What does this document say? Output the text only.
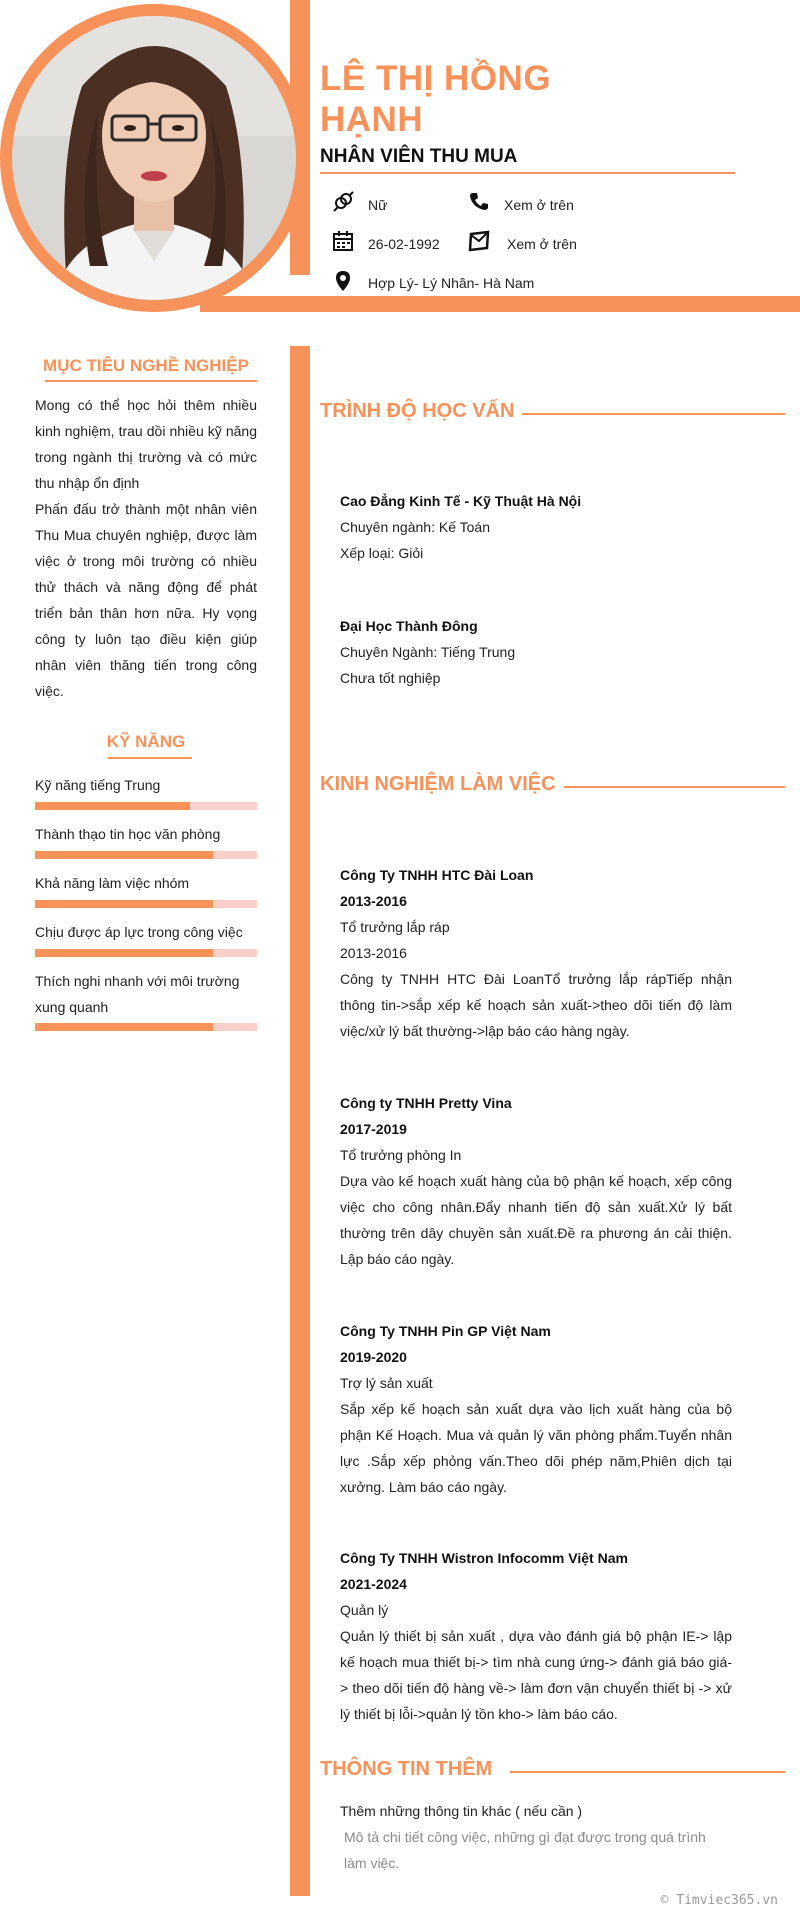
LÊ THỊ HỒNG
HẠNH
NHÂN VIÊN THU MUA
Nữ	Xem ở trên
26-02-1992	Xem ở trên
Hợp Lý- Lý Nhân- Hà Nam
MỤC TIÊU NGHỀ NGHIỆP
Mong có thể học hỏi thêm nhiều kinh nghiệm, trau dồi nhiều kỹ năng trong ngành thị trường và có mức thu nhập ổn định
Phấn đấu trở thành một nhân viên Thu Mua chuyên nghiệp, được làm việc ở trong môi trường có nhiều thử thách và năng động để phát triển bản thân hơn nữa. Hy vọng công ty luôn tạo điều kiện giúp nhân viên thăng tiến trong công việc.
KỸ NĂNG
Kỹ năng tiếng Trung
Thành thạo tin học văn phòng
Khả năng làm việc nhóm
Chịu được áp lực trong công việc
Thích nghi nhanh với môi trường xung quanh
TRÌNH ĐỘ HỌC VẤN
Cao Đẳng Kinh Tế - Kỹ Thuật Hà Nội
Chuyên ngành: Kế Toán
Xếp loại: Giỏi
Đại Học Thành Đông
Chuyên Ngành: Tiếng Trung
Chưa tốt nghiệp
KINH NGHIỆM LÀM VIỆC
Công Ty TNHH HTC Đài Loan
2013-2016
Tổ trưởng lắp ráp
2013-2016
Công ty TNHH HTC Đài LoanTổ trưởng lắp rápTiếp nhận thông tin->sắp xếp kế hoạch sản xuất->theo dõi tiến độ làm việc/xử lý bất thường->lập báo cáo hàng ngày.
Công ty TNHH Pretty Vina
2017-2019
Tổ trưởng phòng In
Dựa vào kế hoạch xuất hàng của bộ phận kế hoạch, xếp công việc cho công nhân.Đẩy nhanh tiến độ sản xuất.Xử lý bất thường trên dây chuyền sản xuất.Đề ra phương án cải thiện. Lập báo cáo ngày.
Công Ty TNHH Pin GP Việt Nam
2019-2020
Trợ lý sản xuất
Sắp xếp kế hoạch sản xuất dựa vào lịch xuất hàng của bộ phận Kế Hoạch. Mua và quản lý văn phòng phẩm.Tuyển nhân lực .Sắp xếp phỏng vấn.Theo dõi phép năm,Phiên dịch tại xưởng. Làm báo cáo ngày.
Công Ty TNHH Wistron Infocomm Việt Nam
2021-2024
Quản lý
Quản lý thiết bị sản xuất , dựa vào đánh giá bộ phận IE-> lập kế hoạch mua thiết bị-> tìm nhà cung ứng-> đánh giá báo giá-> theo dõi tiến độ hàng về-> làm đơn vận chuyển thiết bị -> xử lý thiết bị lỗi->quản lý tồn kho-> làm báo cáo.
THÔNG TIN THÊM
Thêm những thông tin khác ( nếu cần )
Mô tả chi tiết công việc, những gì đạt được trong quá trình làm việc.
© Timviec365.vn
